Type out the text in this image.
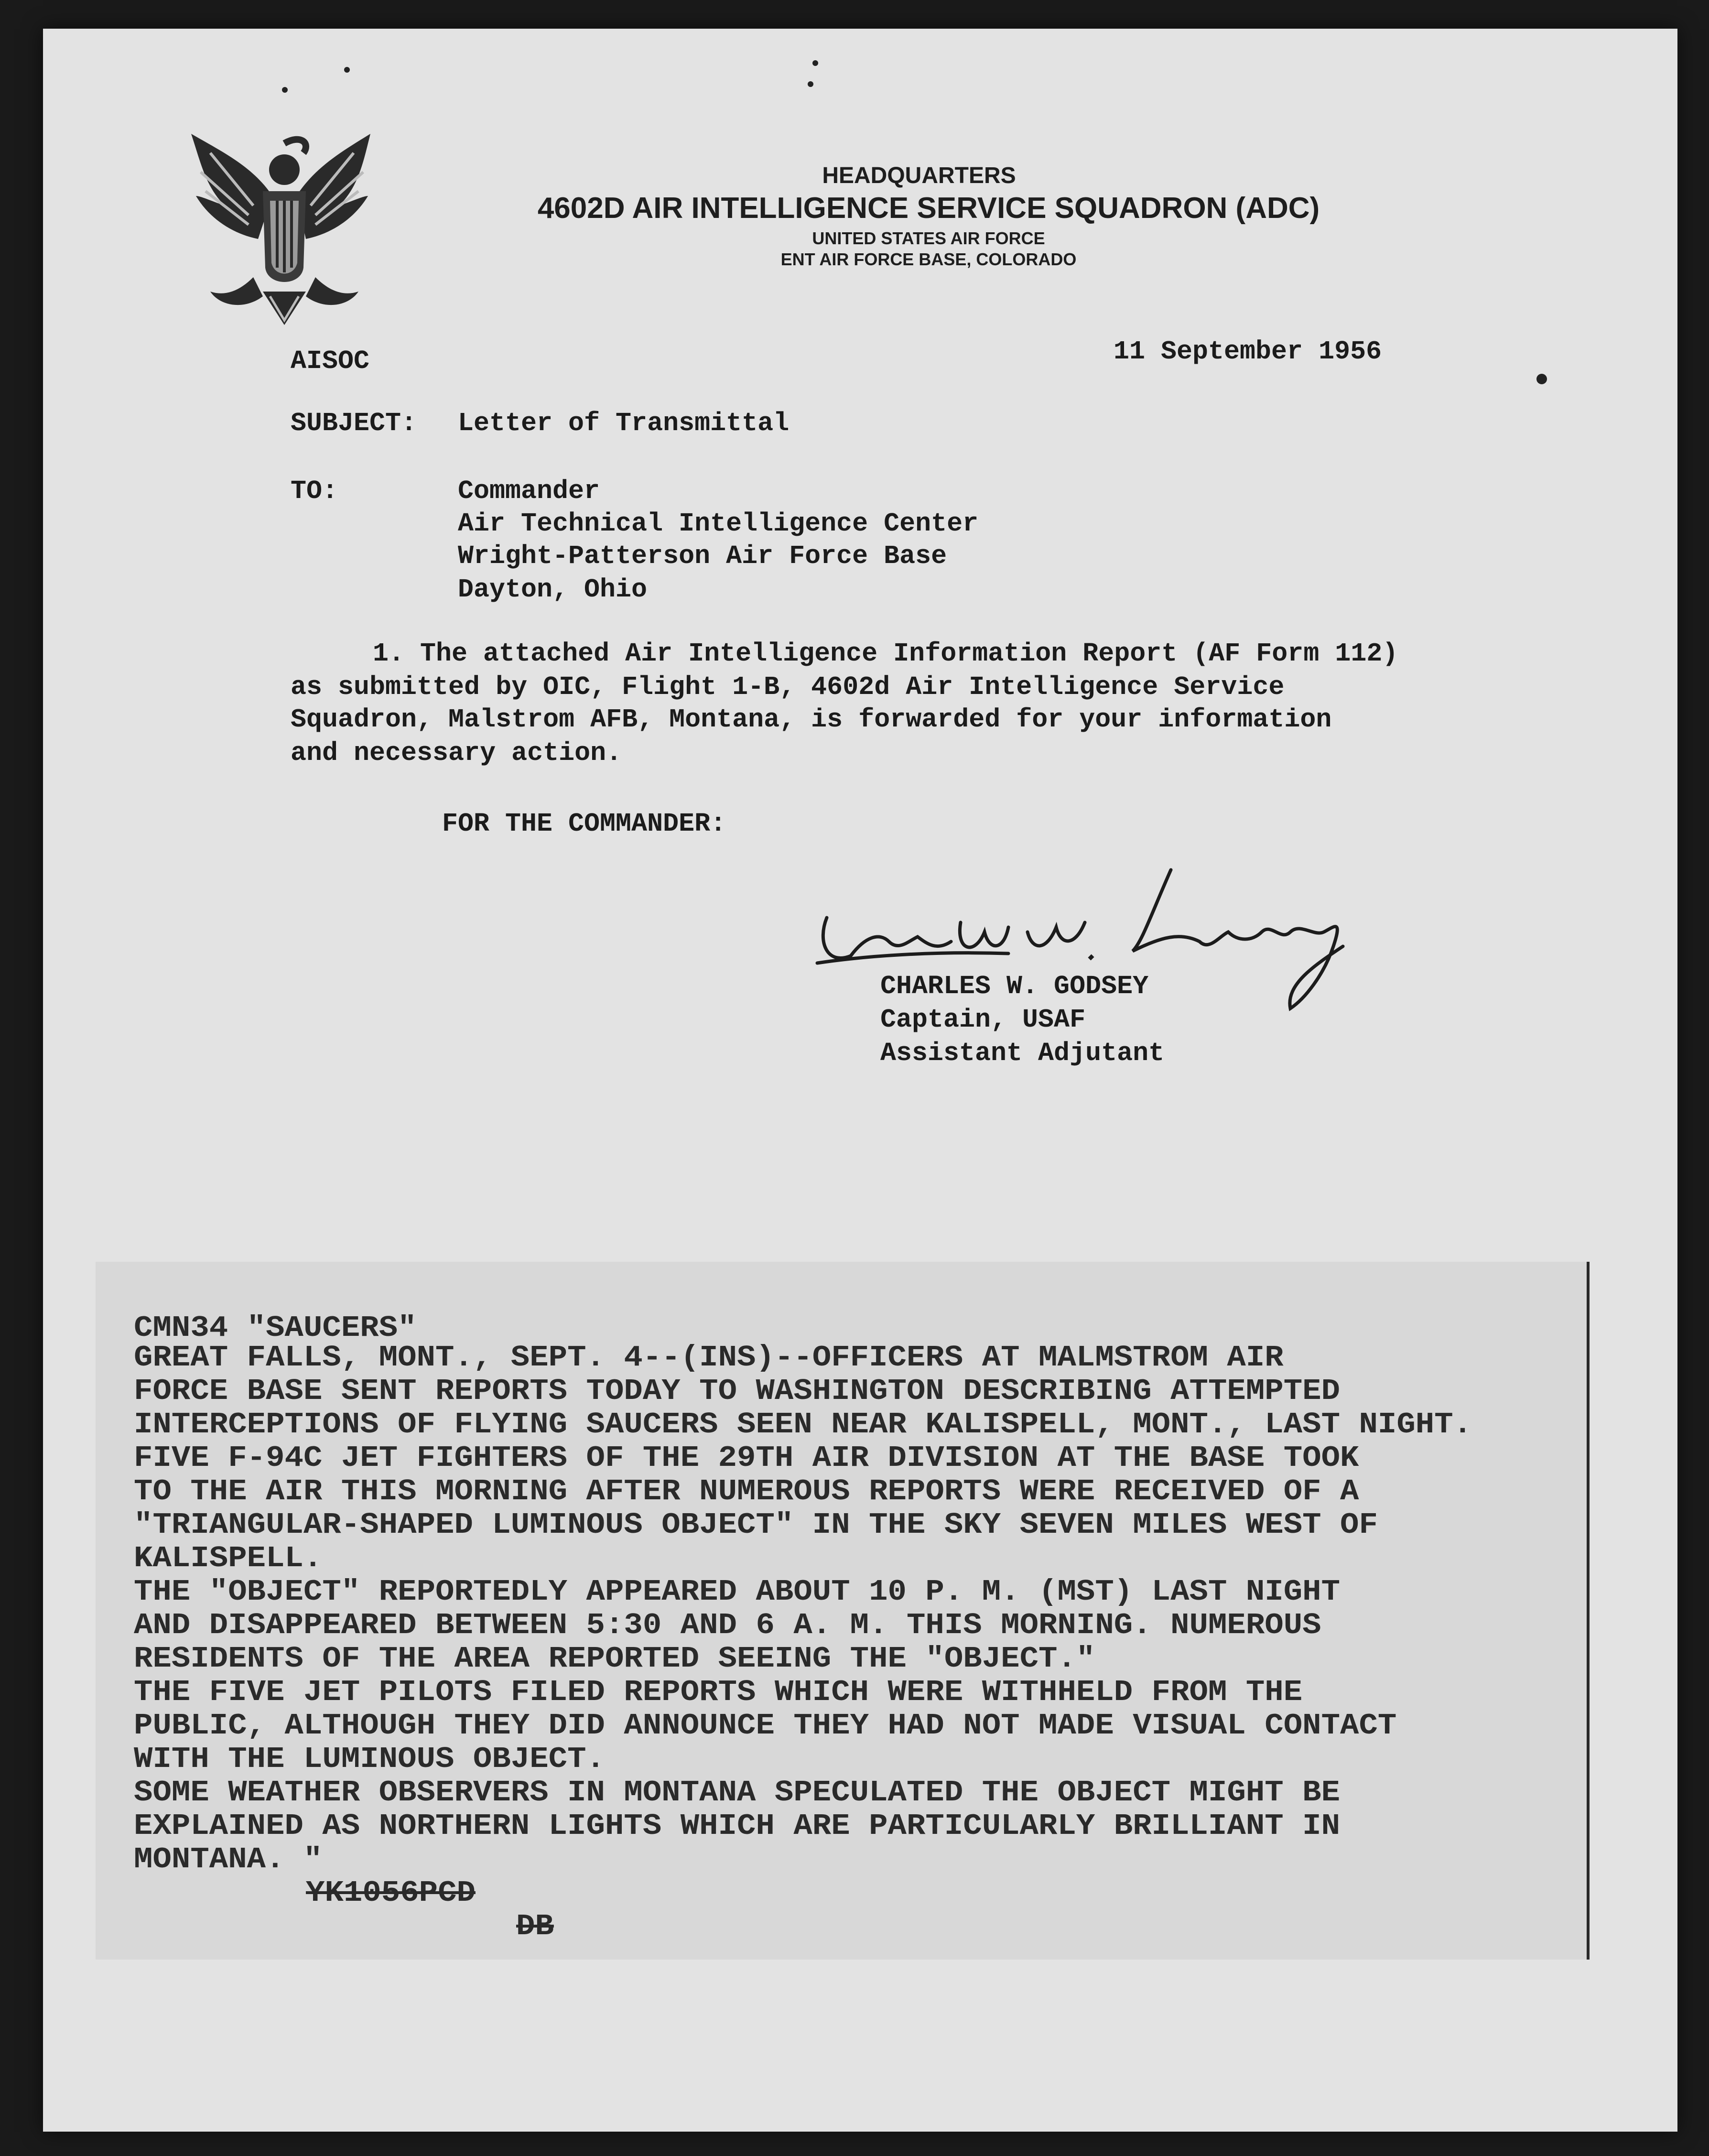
HEADQUARTERS
4602D AIR INTELLIGENCE SERVICE SQUADRON (ADC)
UNITED STATES AIR FORCE
ENT AIR FORCE BASE, COLORADO
AISOC	11 September 1956
SUBJECT: Letter of Transmittal
TO:	Commander
Air Technical Intelligence Center
Wright-Patterson Air Force Base
Dayton, Ohio
1. The attached Air Intelligence Information Report (AF Form 112)
as submitted by OIC, Flight 1-B, 4602d Air Intelligence Service
Squadron, Malstrom AFB, Montana, is forwarded for your information
and necessary action.
FOR THE COMMANDER:
CHARLES W. GODSEY
Captain, USAF
Assistant Adjutant
CMN34 "SAUCERS"
GREAT FALLS, MONT., SEPT. 4--(INS)--OFFICERS AT MALMSTROM AIR
FORCE BASE SENT REPORTS TODAY TO WASHINGTON DESCRIBING ATTEMPTED
INTERCEPTIONS OF FLYING SAUCERS SEEN NEAR KALISPELL, MONT., LAST NIGHT.
FIVE F-94C JET FIGHTERS OF THE 29TH AIR DIVISION AT THE BASE TOOK
TO THE AIR THIS MORNING AFTER NUMEROUS REPORTS WERE RECEIVED OF A
"TRIANGULAR-SHAPED LUMINOUS OBJECT" IN THE SKY SEVEN MILES WEST OF
KALISPELL.
THE "OBJECT" REPORTEDLY APPEARED ABOUT 10 P. M. (MST) LAST NIGHT
AND DISAPPEARED BETWEEN 5:30 AND 6 A. M. THIS MORNING. NUMEROUS
RESIDENTS OF THE AREA REPORTED SEEING THE "OBJECT."
THE FIVE JET PILOTS FILED REPORTS WHICH WERE WITHHELD FROM THE
PUBLIC, ALTHOUGH THEY DID ANNOUNCE THEY HAD NOT MADE VISUAL CONTACT
WITH THE LUMINOUS OBJECT.
SOME WEATHER OBSERVERS IN MONTANA SPECULATED THE OBJECT MIGHT BE
EXPLAINED AS NORTHERN LIGHTS WHICH ARE PARTICULARLY BRILLIANT IN
MONTANA. "
YK1056PCD
DB
